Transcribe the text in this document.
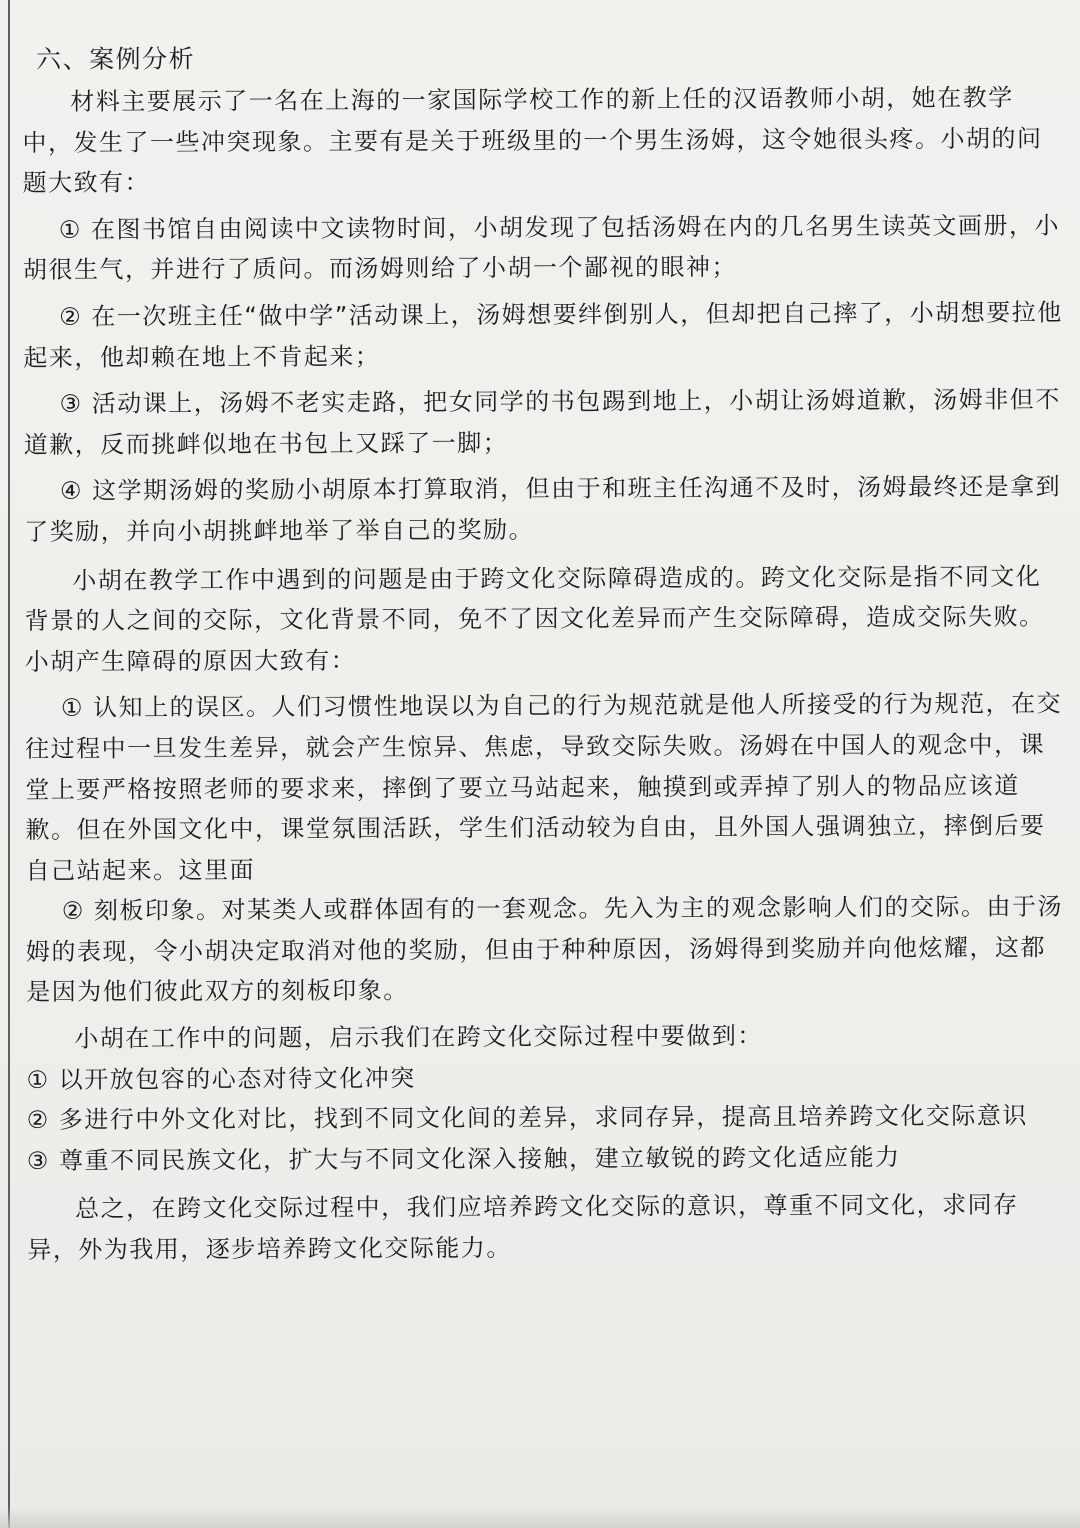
六、案例分析

材料主要展示了一名在上海的一家国际学校工作的新上任的汉语教师小胡，她在教学中，发生了一些冲突现象。主要有是关于班级里的一个男生汤姆，这令她很头疼。小胡的问题大致有：

① 在图书馆自由阅读中文读物时间，小胡发现了包括汤姆在内的几名男生读英文画册，小胡很生气，并进行了质问。而汤姆则给了小胡一个鄙视的眼神；

② 在一次班主任“做中学”活动课上，汤姆想要绊倒别人，但却把自己摔了，小胡想要拉他起来，他却赖在地上不肯起来；

③ 活动课上，汤姆不老实走路，把女同学的书包踢到地上，小胡让汤姆道歉，汤姆非但不道歉，反而挑衅似地在书包上又踩了一脚；

④ 这学期汤姆的奖励小胡原本打算取消，但由于和班主任沟通不及时，汤姆最终还是拿到了奖励，并向小胡挑衅地举了举自己的奖励。

小胡在教学工作中遇到的问题是由于跨文化交际障碍造成的。跨文化交际是指不同文化背景的人之间的交际，文化背景不同，免不了因文化差异而产生交际障碍，造成交际失败。小胡产生障碍的原因大致有：

① 认知上的误区。人们习惯性地误以为自己的行为规范就是他人所接受的行为规范，在交往过程中一旦发生差异，就会产生惊异、焦虑，导致交际失败。汤姆在中国人的观念中，课堂上要严格按照老师的要求来，摔倒了要立马站起来，触摸到或弄掉了别人的物品应该道歉。但在外国文化中，课堂氛围活跃，学生们活动较为自由，且外国人强调独立，摔倒后要自己站起来。这里面

② 刻板印象。对某类人或群体固有的一套观念。先入为主的观念影响人们的交际。由于汤姆的表现，令小胡决定取消对他的奖励，但由于种种原因，汤姆得到奖励并向他炫耀，这都是因为他们彼此双方的刻板印象。

小胡在工作中的问题，启示我们在跨文化交际过程中要做到：

① 以开放包容的心态对待文化冲突

② 多进行中外文化对比，找到不同文化间的差异，求同存异，提高且培养跨文化交际意识

③ 尊重不同民族文化，扩大与不同文化深入接触，建立敏锐的跨文化适应能力

总之，在跨文化交际过程中，我们应培养跨文化交际的意识，尊重不同文化，求同存异，外为我用，逐步培养跨文化交际能力。
